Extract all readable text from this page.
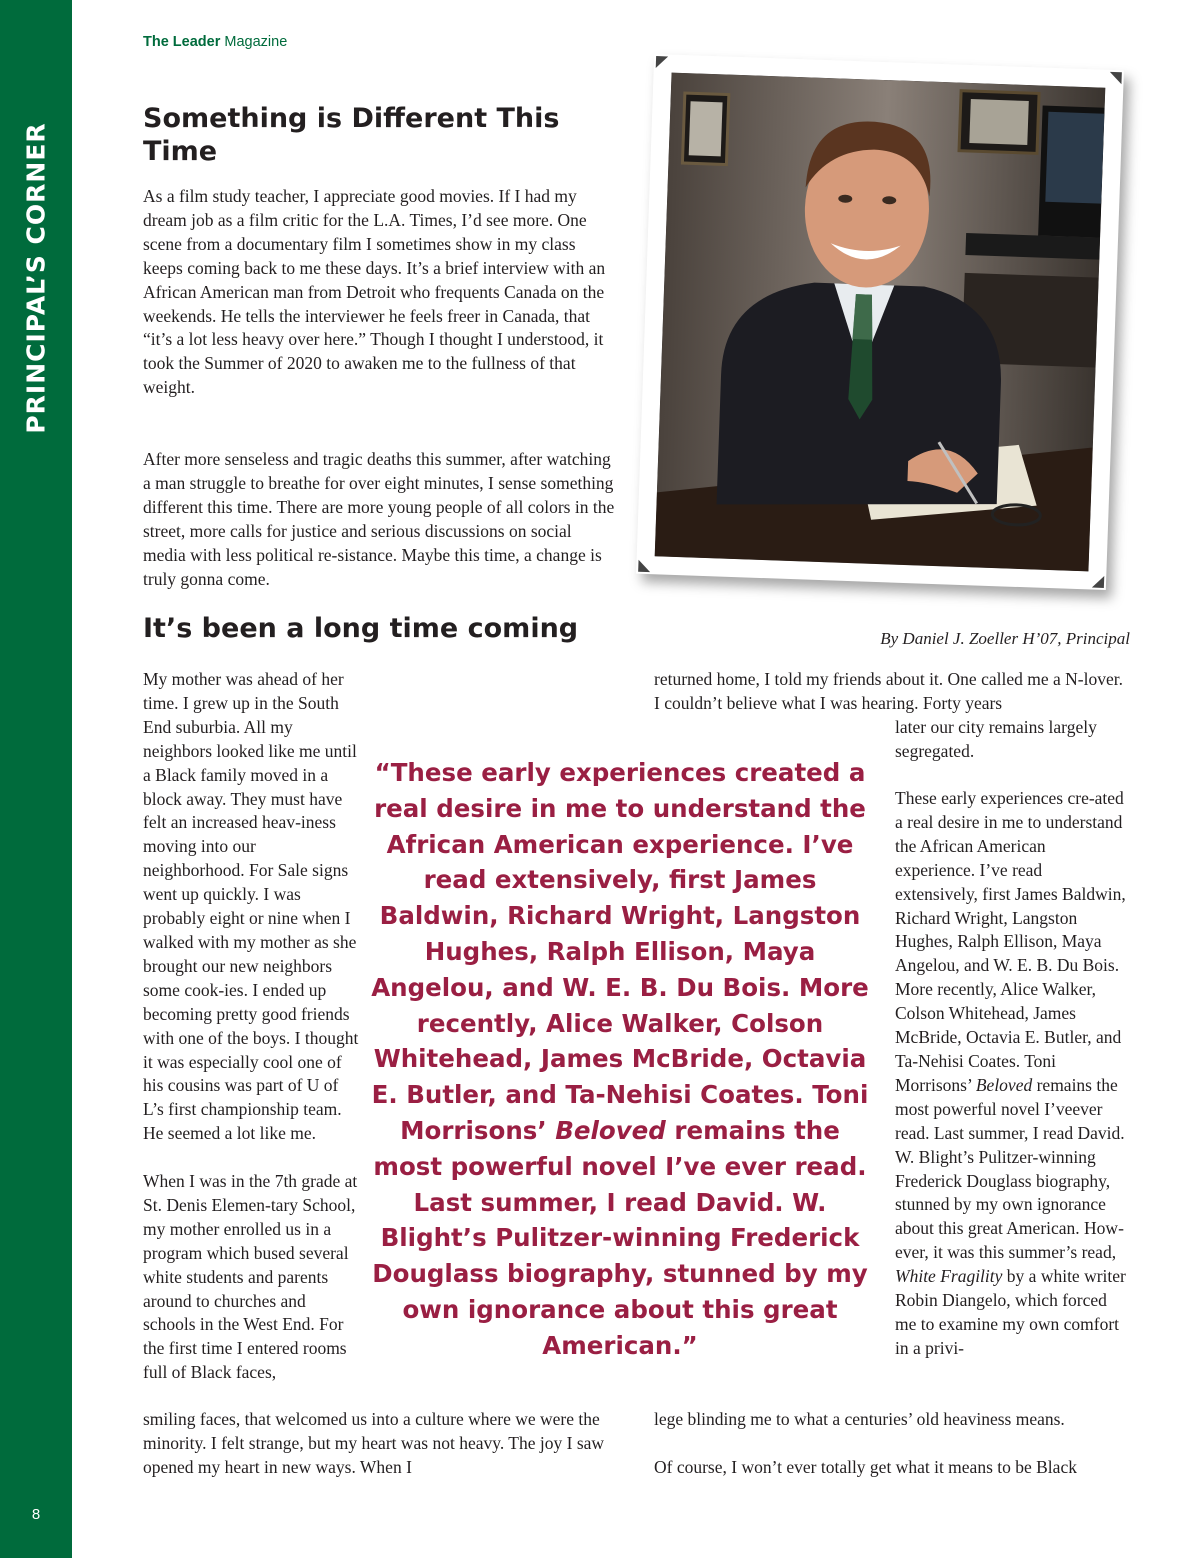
PRINCIPAL’S CORNER
8
The Leader Magazine
Something is Different This Time
As a film study teacher, I appreciate good movies. If I had my dream job as a film critic for the L.A. Times, I’d see more. One scene from a documentary film I sometimes show in my class keeps coming back to me these days. It’s a brief interview with an African American man from Detroit who frequents Canada on the weekends. He tells the interviewer he feels freer in Canada, that “it’s a lot less heavy over here.” Though I thought I understood, it took the Summer of 2020 to awaken me to the fullness of that weight.
After more senseless and tragic deaths this summer, after watching a man struggle to breathe for over eight minutes, I sense something different this time. There are more young people of all colors in the street, more calls for justice and serious discussions on social media with less political re-sistance. Maybe this time, a change is truly gonna come.
By Daniel J. Zoeller H’07, Principal
It’s been a long time coming
My mother was ahead of her time. I grew up in the South End suburbia. All my neighbors looked like me until a Black family moved in a block away. They must have felt an increased heav-iness moving into our neighborhood. For Sale signs went up quickly. I was probably eight or nine when I walked with my mother as she brought our new neighbors some cook-ies. I ended up becoming pretty good friends with one of the boys. I thought it was especially cool one of his cousins was part of U of L’s first championship team. He seemed a lot like me.
When I was in the 7th grade at St. Denis Elemen-tary School, my mother enrolled us in a program which bused several white students and parents around to churches and schools in the West End. For the first time I entered rooms full of Black faces,
smiling faces, that welcomed us into a culture where we were the minority. I felt strange, but my heart was not heavy. The joy I saw opened my heart in new ways. When I
returned home, I told my friends about it. One called me a N-lover. I couldn’t believe what I was hearing. Forty years
later our city remains largely segregated.
These early experiences cre-ated a real desire in me to understand the African American experience. I’ve read extensively, first James Baldwin, Richard Wright, Langston Hughes, Ralph Ellison, Maya Angelou, and W. E. B. Du Bois. More recently, Alice Walker, Colson Whitehead, James McBride, Octavia E. Butler, and Ta-Nehisi Coates. Toni Morrisons’ Beloved remains the most powerful novel I’veever read. Last summer, I read David. W. Blight’s Pulitzer-winning Frederick Douglass biography, stunned by my own ignorance about this great American. How-ever, it was this summer’s read, White Fragility by a white writer Robin Diangelo, which forced me to examine my own comfort in a privi-
lege blinding me to what a centuries’ old heaviness means.
Of course, I won’t ever totally get what it means to be Black
“These early experiences created a real desire in me to understand the African American experience. I’ve read extensively, first James Baldwin, Richard Wright, Langston Hughes, Ralph Ellison, Maya Angelou, and W. E. B. Du Bois. More recently, Alice Walker, Colson Whitehead, James McBride, Octavia E. Butler, and Ta-Nehisi Coates. Toni Morrisons’ Beloved remains the most powerful novel I’ve ever read. Last summer, I read David. W. Blight’s Pulitzer-winning Frederick Douglass biography, stunned by my own ignorance about this great American.”
